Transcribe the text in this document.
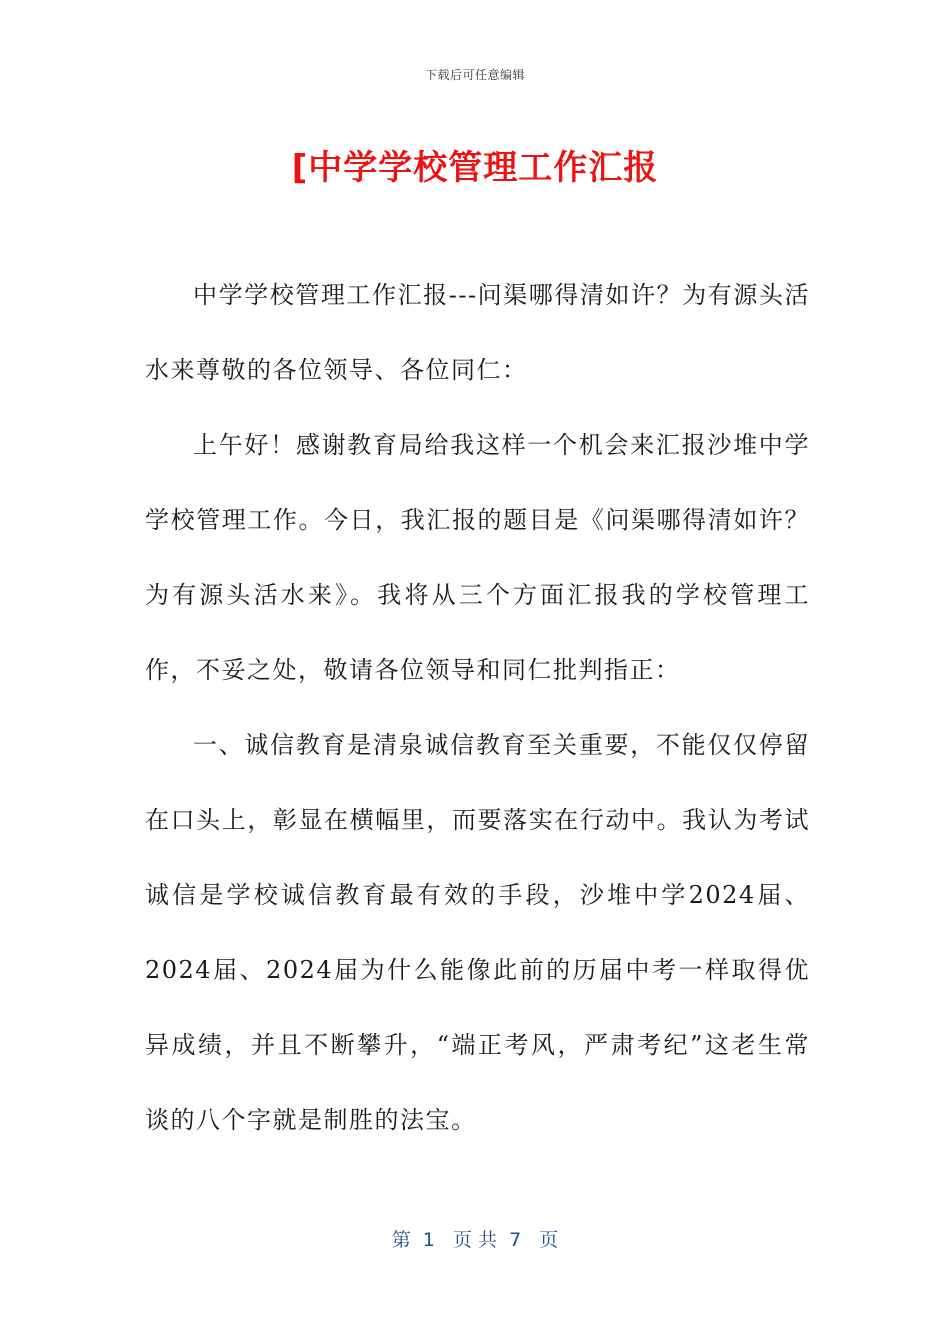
下载后可任意编辑
[中学学校管理工作汇报

中学学校管理工作汇报---问渠哪得清如许？为有源头活水来尊敬的各位领导、各位同仁：

上午好！感谢教育局给我这样一个机会来汇报沙堆中学学校管理工作。今日，我汇报的题目是《问渠哪得清如许？为有源头活水来》。我将从三个方面汇报我的学校管理工作，不妥之处，敬请各位领导和同仁批判指正：

一、诚信教育是清泉诚信教育至关重要，不能仅仅停留在口头上，彰显在横幅里，而要落实在行动中。我认为考试诚信是学校诚信教育最有效的手段，沙堆中学2024届、2024届、2024届为什么能像此前的历届中考一样取得优异成绩，并且不断攀升，“端正考风，严肃考纪”这老生常谈的八个字就是制胜的法宝。

第  1   页 共  7   页
